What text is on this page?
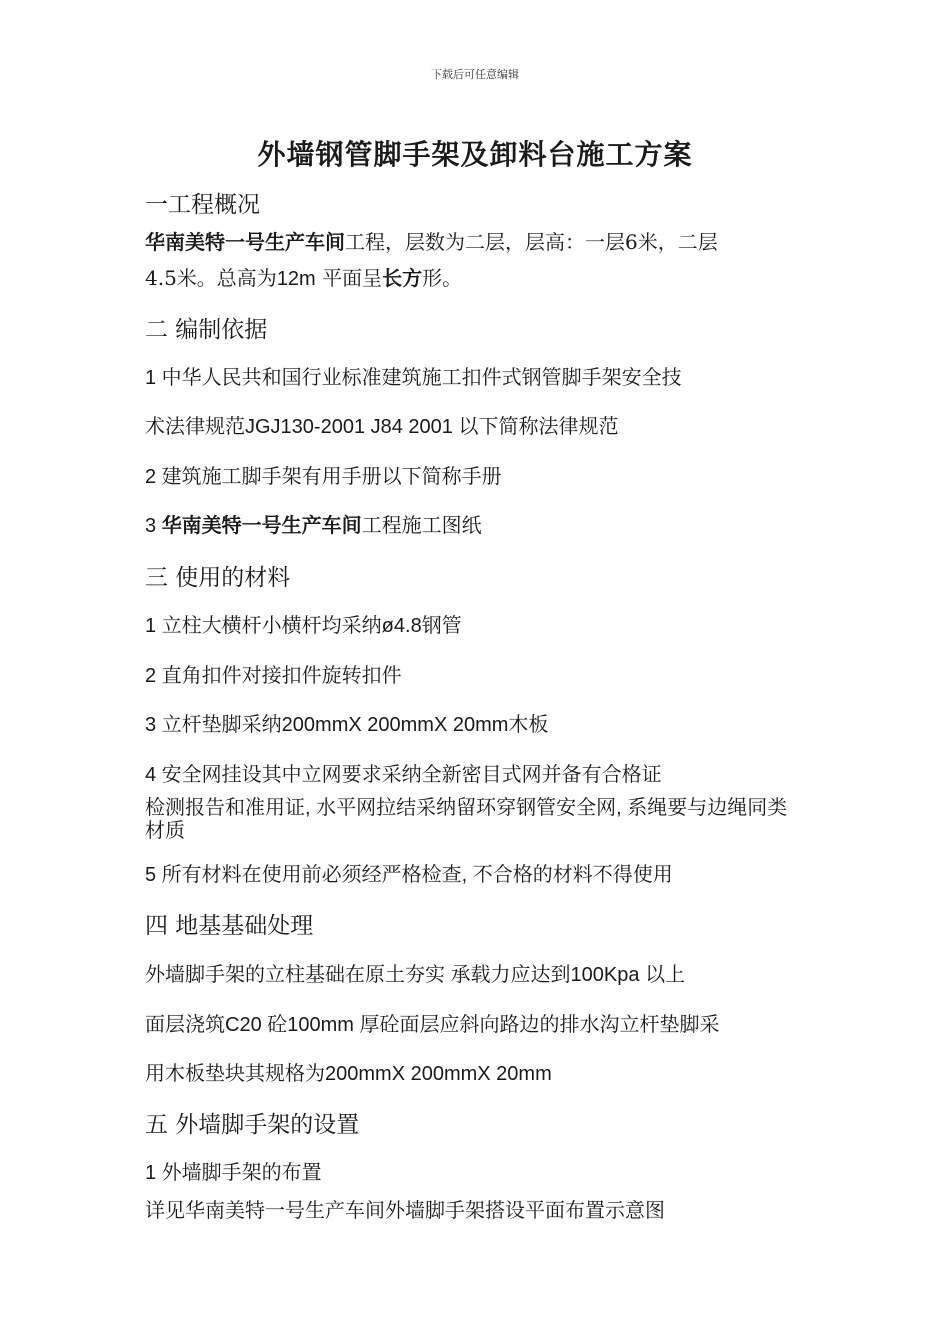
下载后可任意编辑
外墙钢管脚手架及卸料台施工方案
一工程概况
华南美特一号生产车间工程，层数为二层，层高：一层6米，二层
4.5米。总高为12m 平面呈长方形。
二 编制依据
1 中华人民共和国行业标准建筑施工扣件式钢管脚手架安全技
术法律规范JGJ130-2001 J84 2001 以下简称法律规范
2 建筑施工脚手架有用手册以下简称手册
3 华南美特一号生产车间工程施工图纸
三 使用的材料
1 立柱大横杆小横杆均采纳ø4.8钢管
2 直角扣件对接扣件旋转扣件
3 立杆垫脚采纳200mmX 200mmX 20mm木板
4 安全网挂设其中立网要求采纳全新密目式网并备有合格证
检测报告和准用证, 水平网拉结采纳留环穿钢管安全网, 系绳要与边绳同类材质
5 所有材料在使用前必须经严格检查, 不合格的材料不得使用
四 地基基础处理
外墙脚手架的立柱基础在原土夯实 承载力应达到100Kpa 以上
面层浇筑C20 砼100mm 厚砼面层应斜向路边的排水沟立杆垫脚采
用木板垫块其规格为200mmX 200mmX 20mm
五 外墙脚手架的设置
1 外墙脚手架的布置
详见华南美特一号生产车间外墙脚手架搭设平面布置示意图
